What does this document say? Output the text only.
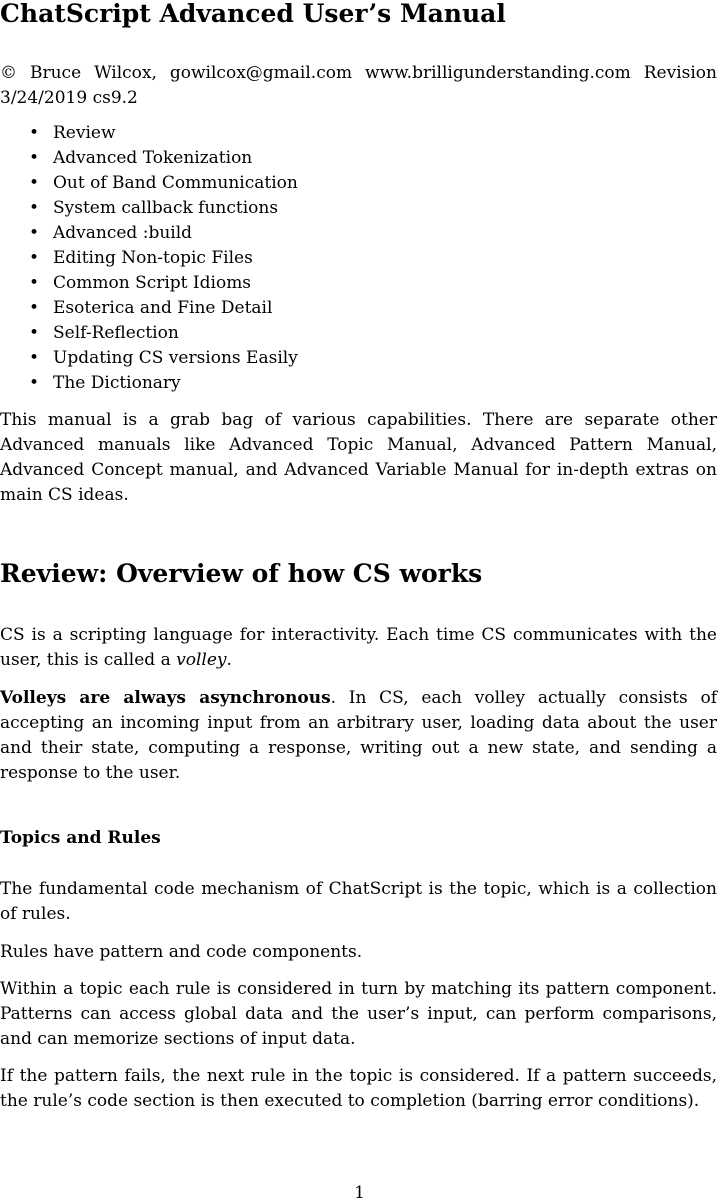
ChatScript Advanced User’s Manual

© Bruce Wilcox, gowilcox@gmail.com www.brilligunderstanding.com Revision

3/24/2019 cs9.2

• Review
• Advanced Tokenization
• Out of Band Communication
• System callback functions
• Advanced :build
• Editing Non-topic Files
• Common Script Idioms
• Esoterica and Fine Detail
• Self-Reflection
• Updating CS versions Easily
• The Dictionary

This manual is a grab bag of various capabilities. There are separate other Advanced manuals like Advanced Topic Manual, Advanced Pattern Manual, Advanced Concept manual, and Advanced Variable Manual for in-depth extras on main CS ideas.

Review: Overview of how CS works

CS is a scripting language for interactivity. Each time CS communicates with the user, this is called a volley.

Volleys are always asynchronous. In CS, each volley actually consists of accepting an incoming input from an arbitrary user, loading data about the user and their state, computing a response, writing out a new state, and sending a response to the user.

Topics and Rules

The fundamental code mechanism of ChatScript is the topic, which is a collection of rules.

Rules have pattern and code components.

Within a topic each rule is considered in turn by matching its pattern component. Patterns can access global data and the user’s input, can perform comparisons, and can memorize sections of input data.

If the pattern fails, the next rule in the topic is considered. If a pattern succeeds, the rule’s code section is then executed to completion (barring error conditions).

1
